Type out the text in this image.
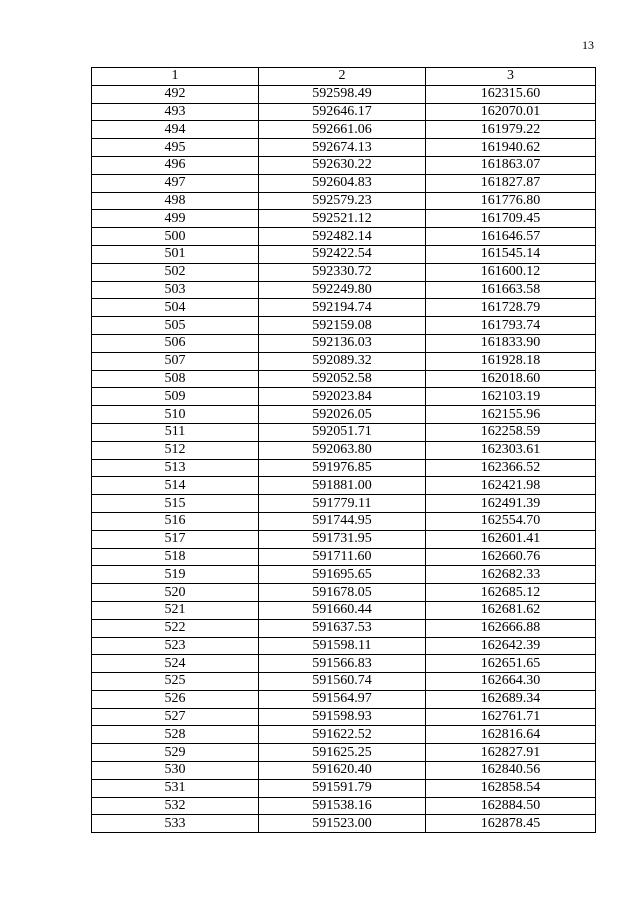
13
1	2	3
492	592598.49	162315.60
493	592646.17	162070.01
494	592661.06	161979.22
495	592674.13	161940.62
496	592630.22	161863.07
497	592604.83	161827.87
498	592579.23	161776.80
499	592521.12	161709.45
500	592482.14	161646.57
501	592422.54	161545.14
502	592330.72	161600.12
503	592249.80	161663.58
504	592194.74	161728.79
505	592159.08	161793.74
506	592136.03	161833.90
507	592089.32	161928.18
508	592052.58	162018.60
509	592023.84	162103.19
510	592026.05	162155.96
511	592051.71	162258.59
512	592063.80	162303.61
513	591976.85	162366.52
514	591881.00	162421.98
515	591779.11	162491.39
516	591744.95	162554.70
517	591731.95	162601.41
518	591711.60	162660.76
519	591695.65	162682.33
520	591678.05	162685.12
521	591660.44	162681.62
522	591637.53	162666.88
523	591598.11	162642.39
524	591566.83	162651.65
525	591560.74	162664.30
526	591564.97	162689.34
527	591598.93	162761.71
528	591622.52	162816.64
529	591625.25	162827.91
530	591620.40	162840.56
531	591591.79	162858.54
532	591538.16	162884.50
533	591523.00	162878.45
